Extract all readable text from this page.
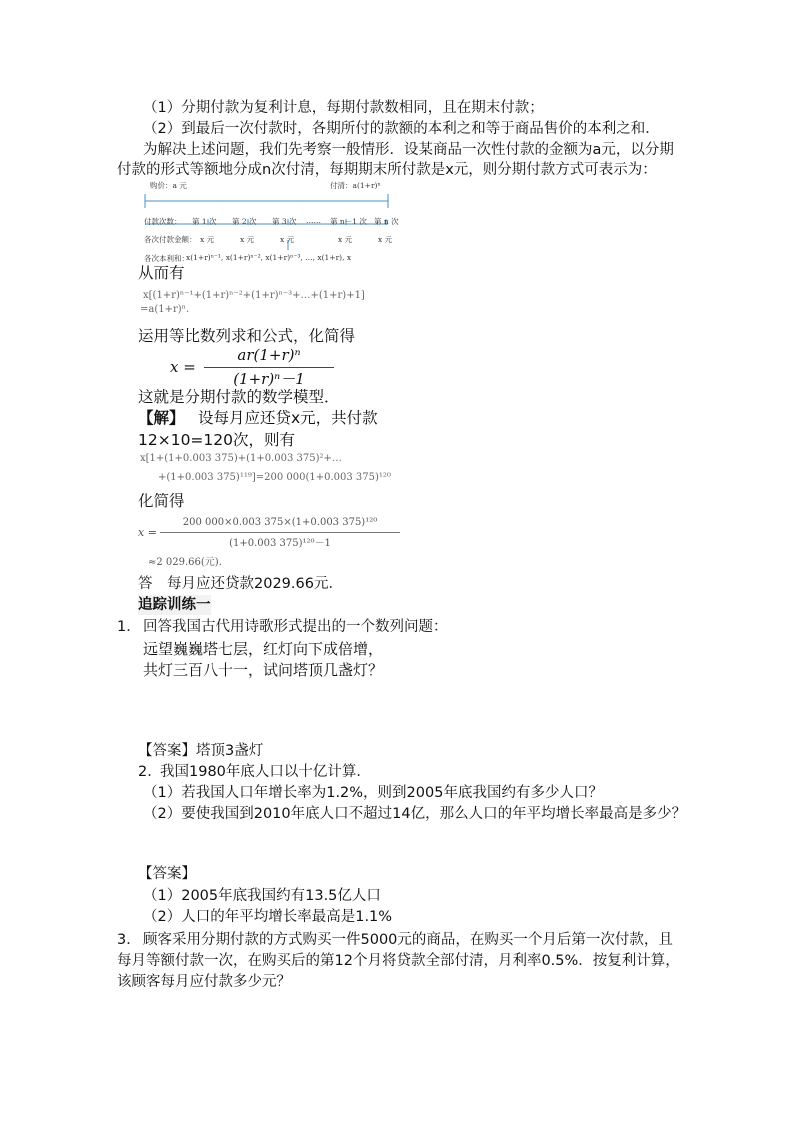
（1）分期付款为复利计息，每期付款数相同，且在期末付款；
（2）到最后一次付款时，各期所付的款额的本利之和等于商品售价的本利之和．
为解决上述问题，我们先考察一般情形．设某商品一次性付款的金额为a元，以分期
付款的形式等额地分成n次付清，每期期末所付款是x元，则分期付款方式可表示为：
购价：a 元	付清：a(1+r)ⁿ
付款次数： 第 1 次 第 2 次 第 3 次 …… 第 n－1 次 第 n 次
各次付款金额： x 元	x 元	x 元	x 元	x 元
各次本利和：
x(1+r)ⁿ⁻¹, x(1+r)ⁿ⁻², x(1+r)ⁿ⁻³, …, x(1+r), x
从而有
x[(1+r)ⁿ⁻¹+(1+r)ⁿ⁻²+(1+r)ⁿ⁻³+…+(1+r)+1]
=a(1+r)ⁿ.
运用等比数列求和公式，化简得
x =
ar(1+r)ⁿ
(1+r)ⁿ－1
这就是分期付款的数学模型．
【解】 设每月应还贷x元，共付款
12×10=120次，则有
x[1+(1+0.003 375)+(1+0.003 375)²+…
+(1+0.003 375)¹¹⁹]=200 000(1+0.003 375)¹²⁰
化简得
x =
200 000×0.003 375×(1+0.003 375)¹²⁰
(1+0.003 375)¹²⁰－1
≈2 029.66(元).
答　每月应还贷款2029.66元．
追踪训练一
1． 回答我国古代用诗歌形式提出的一个数列问题：
远望巍巍塔七层，红灯向下成倍增，
共灯三百八十一，试问塔顶几盏灯？
【答案】塔顶3盏灯
2．
我国1980年底人口以十亿计算．
（1）若我国人口年增长率为1.2%，则到2005年底我国约有多少人口？
（2）要使我国到2010年底人口不超过14亿，那么人口的年平均增长率最高是多少？
【答案】
（1）2005年底我国约有13.5亿人口
（2）人口的年平均增长率最高是1.1%
3． 顾客采用分期付款的方式购买一件5000元的商品，在购买一个月后第一次付款，且
每月等额付款一次，在购买后的第12个月将贷款全部付清，月利率0.5%．按复利计算，
该顾客每月应付款多少元？
